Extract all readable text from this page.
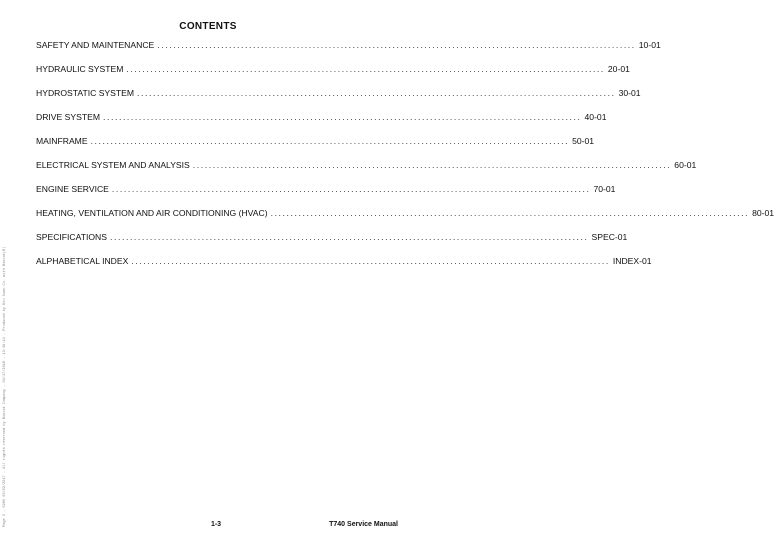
CONTENTS
SAFETY AND MAINTENANCE ........................................................................................................................ 10-01
HYDRAULIC SYSTEM ........................................................................................................................ 20-01
HYDROSTATIC SYSTEM ........................................................................................................................ 30-01
DRIVE SYSTEM ........................................................................................................................ 40-01
MAINFRAME ........................................................................................................................ 50-01
ELECTRICAL SYSTEM AND ANALYSIS ........................................................................................................................ 60-01
ENGINE SERVICE ........................................................................................................................ 70-01
HEATING, VENTILATION AND AIR CONDITIONING (HVAC) ........................................................................................................................ 80-01
SPECIFICATIONS ........................................................................................................................ SPEC-01
ALPHABETICAL INDEX ........................................................................................................................ INDEX-01
Page 3 - 6986 03/02/2017 - All rights reserved by Bobcat Company - 04/17/2018 - 13:19:14 - Produced by Doo Xuan Co. with Bobcat(R)	1-3	T740 Service Manual
